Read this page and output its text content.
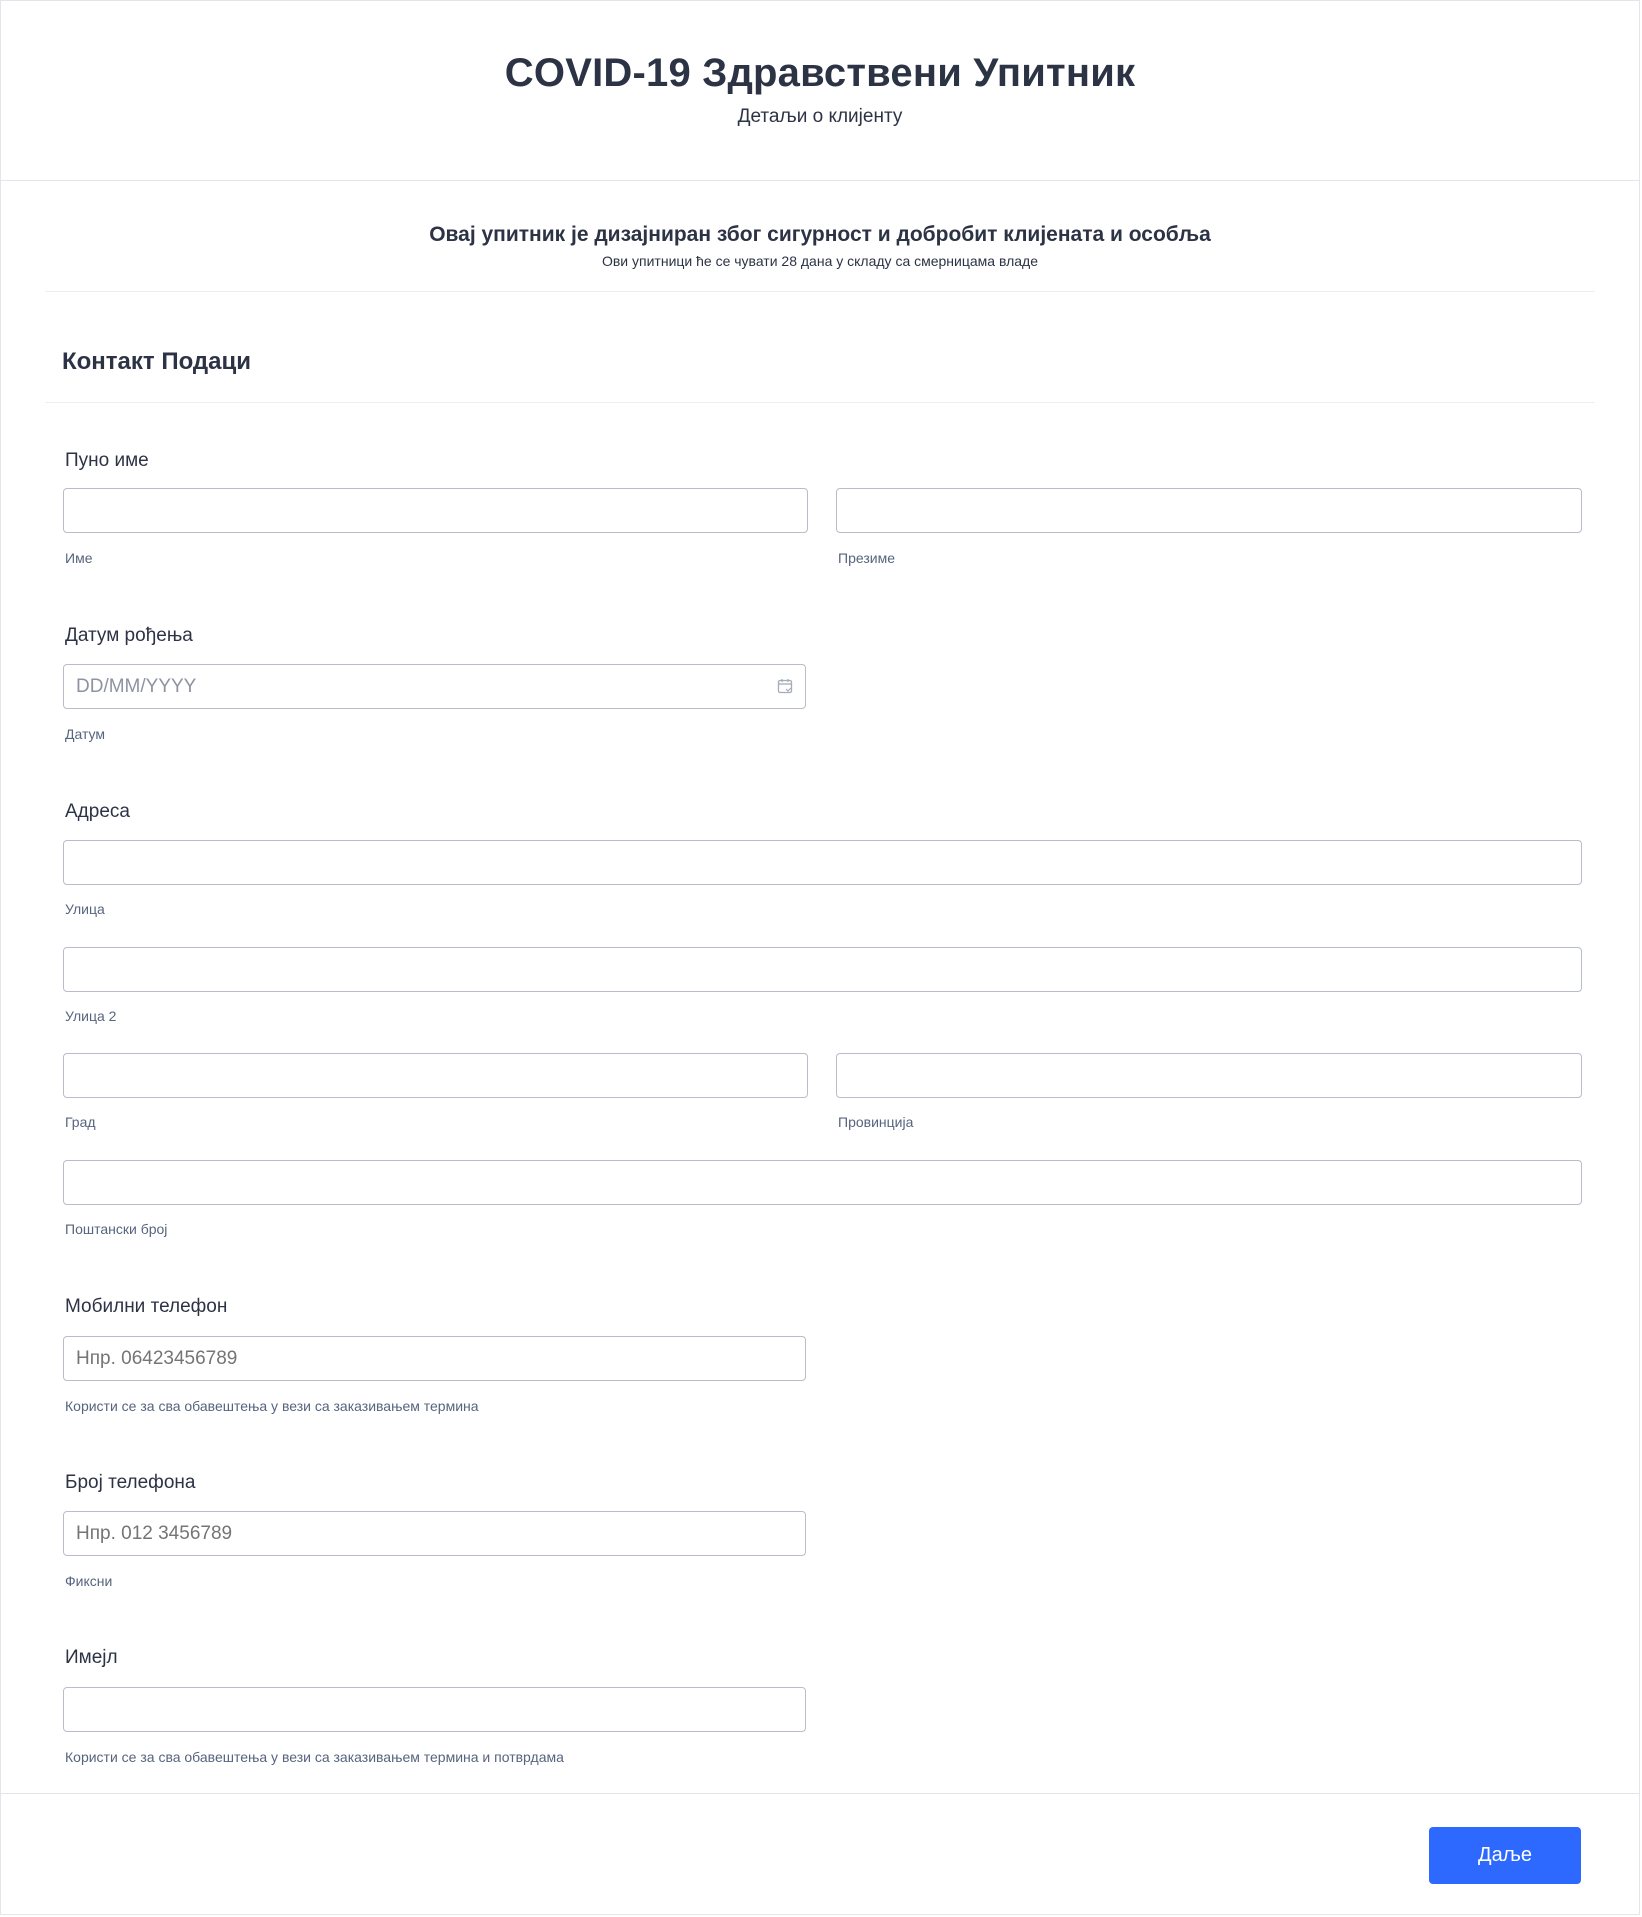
COVID-19 Здравствени Упитник
Детаљи о клијенту
Овај упитник је дизајниран због сигурност и добробит клијената и особља
Ови упитници ће се чувати 28 дана у складу са смерницама владе
Контакт Подаци
Пуно име
Име	Презиме
Датум рођења
DD/MM/YYYY
Датум
Адреса
Улица
Улица 2
Град	Провинција
Поштански број
Мобилни телефон
Нпр. 06423456789
Користи се за сва обавештења у вези са заказивањем термина
Број телефона
Нпр. 012 3456789
Фиксни
Имејл
Користи се за сва обавештења у вези са заказивањем термина и потврдама
Даље
